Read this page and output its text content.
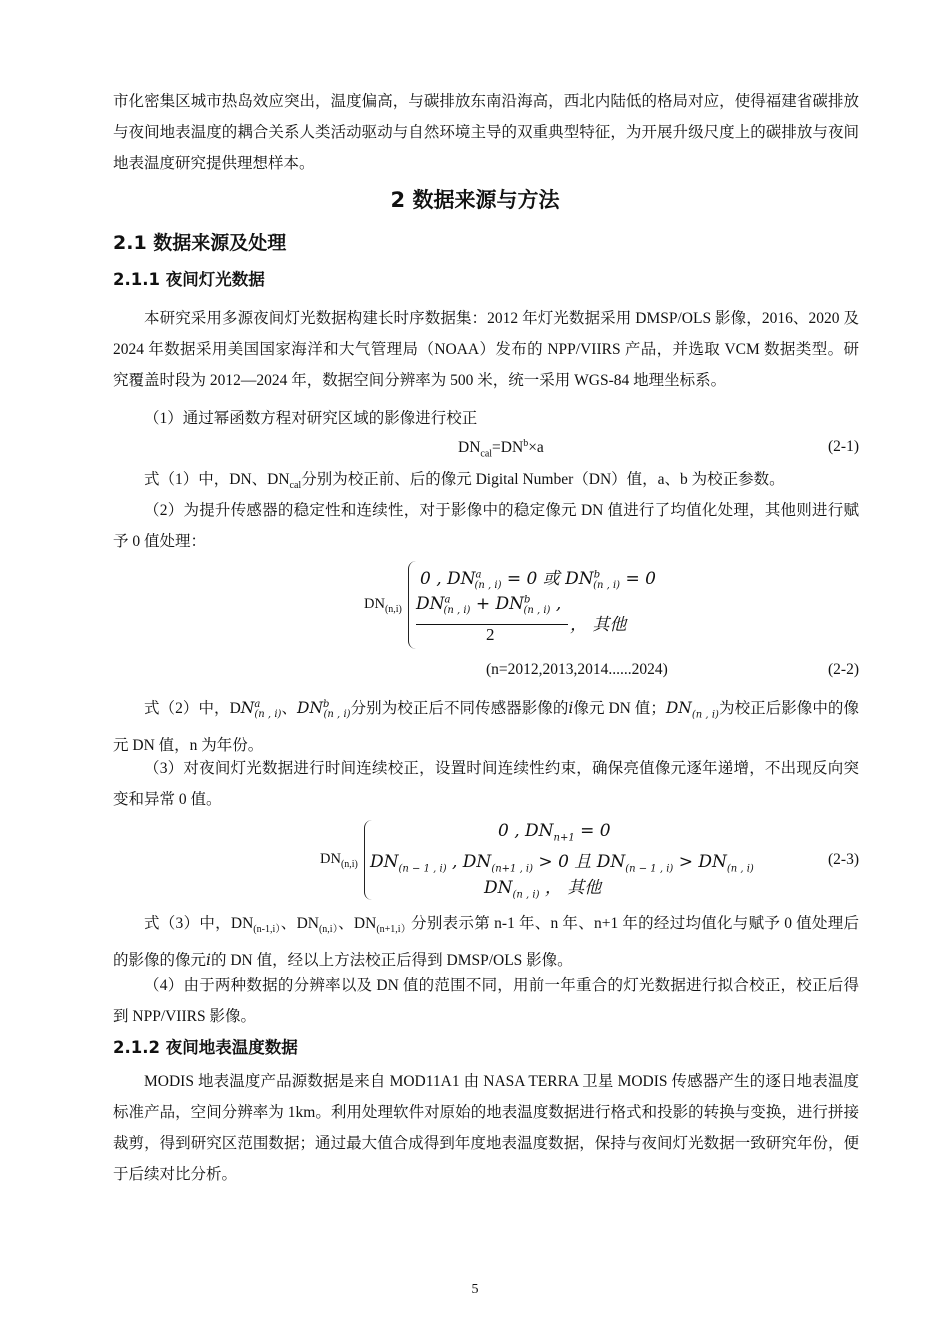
市化密集区城市热岛效应突出，温度偏高，与碳排放东南沿海高，西北内陆低的格局对应，使得福建省碳排放与夜间地表温度的耦合关系人类活动驱动与自然环境主导的双重典型特征，为开展升级尺度上的碳排放与夜间地表温度研究提供理想样本。

2 数据来源与方法
2.1 数据来源及处理
2.1.1 夜间灯光数据

本研究采用多源夜间灯光数据构建长时序数据集：2012 年灯光数据采用 DMSP/OLS 影像，2016、2020 及 2024 年数据采用美国国家海洋和大气管理局（NOAA）发布的 NPP/VIIRS 产品，并选取 VCM 数据类型。研究覆盖时段为 2012—2024 年，数据空间分辨率为 500 米，统一采用 WGS-84 地理坐标系。

（1）通过幂函数方程对研究区域的影像进行校正

$DN_{cal}=DN^b\times a$	(2-1)

式（1）中，DN、$DN_{cal}$分别为校正前、后的像元 Digital Number（DN）值，a、b 为校正参数。

（2）为提升传感器的稳定性和连续性，对于影像中的稳定像元 DN 值进行了均值化处理，其他则进行赋予 0 值处理：

$DN_{(n,i)}$
0 , $DN^a_{(n , i)} = 0$ 或 $DN^b_{(n , i)} = 0$
$DN^a_{(n , i)} + DN^b_{(n , i)}$ ,
2	， 其他
(n=2012,2013,2014......2024)	(2-2)

式（2）中，$DN^a_{(n , i)}$、$DN^b_{(n , i)}$分别为校正后不同传感器影像的i像元 DN 值；$DN_{(n , i)}$为校正后影像中的像元 DN 值，n 为年份。

（3）对夜间灯光数据进行时间连续校正，设置时间连续性约束，确保亮值像元逐年递增，不出现反向突变和异常 0 值。

$DN_{(n,i)}$
0 , $DN_{n+1} = 0$
$DN_{(n - 1 , i)}$ , $DN_{(n+1 , i)} > 0$ 且 $DN_{(n - 1 , i)} > DN_{(n , i)}$
$DN_{(n , i)}$ ， 其他
(2-3)

式（3）中，$DN_{(n-1,i)}$、$DN_{(n,i)}$、$DN_{(n+1,i)}$分别表示第 n-1 年、n 年、n+1 年的经过均值化与赋予 0 值处理后的影像的像元i的 DN 值，经以上方法校正后得到 DMSP/OLS 影像。

（4）由于两种数据的分辨率以及 DN 值的范围不同，用前一年重合的灯光数据进行拟合校正，校正后得到 NPP/VIIRS 影像。

2.1.2 夜间地表温度数据

MODIS 地表温度产品源数据是来自 MOD11A1 由 NASA TERRA 卫星 MODIS 传感器产生的逐日地表温度标准产品，空间分辨率为 1km。利用处理软件对原始的地表温度数据进行格式和投影的转换与变换，进行拼接裁剪，得到研究区范围数据；通过最大值合成得到年度地表温度数据，保持与夜间灯光数据一致研究年份，便于后续对比分析。

5
